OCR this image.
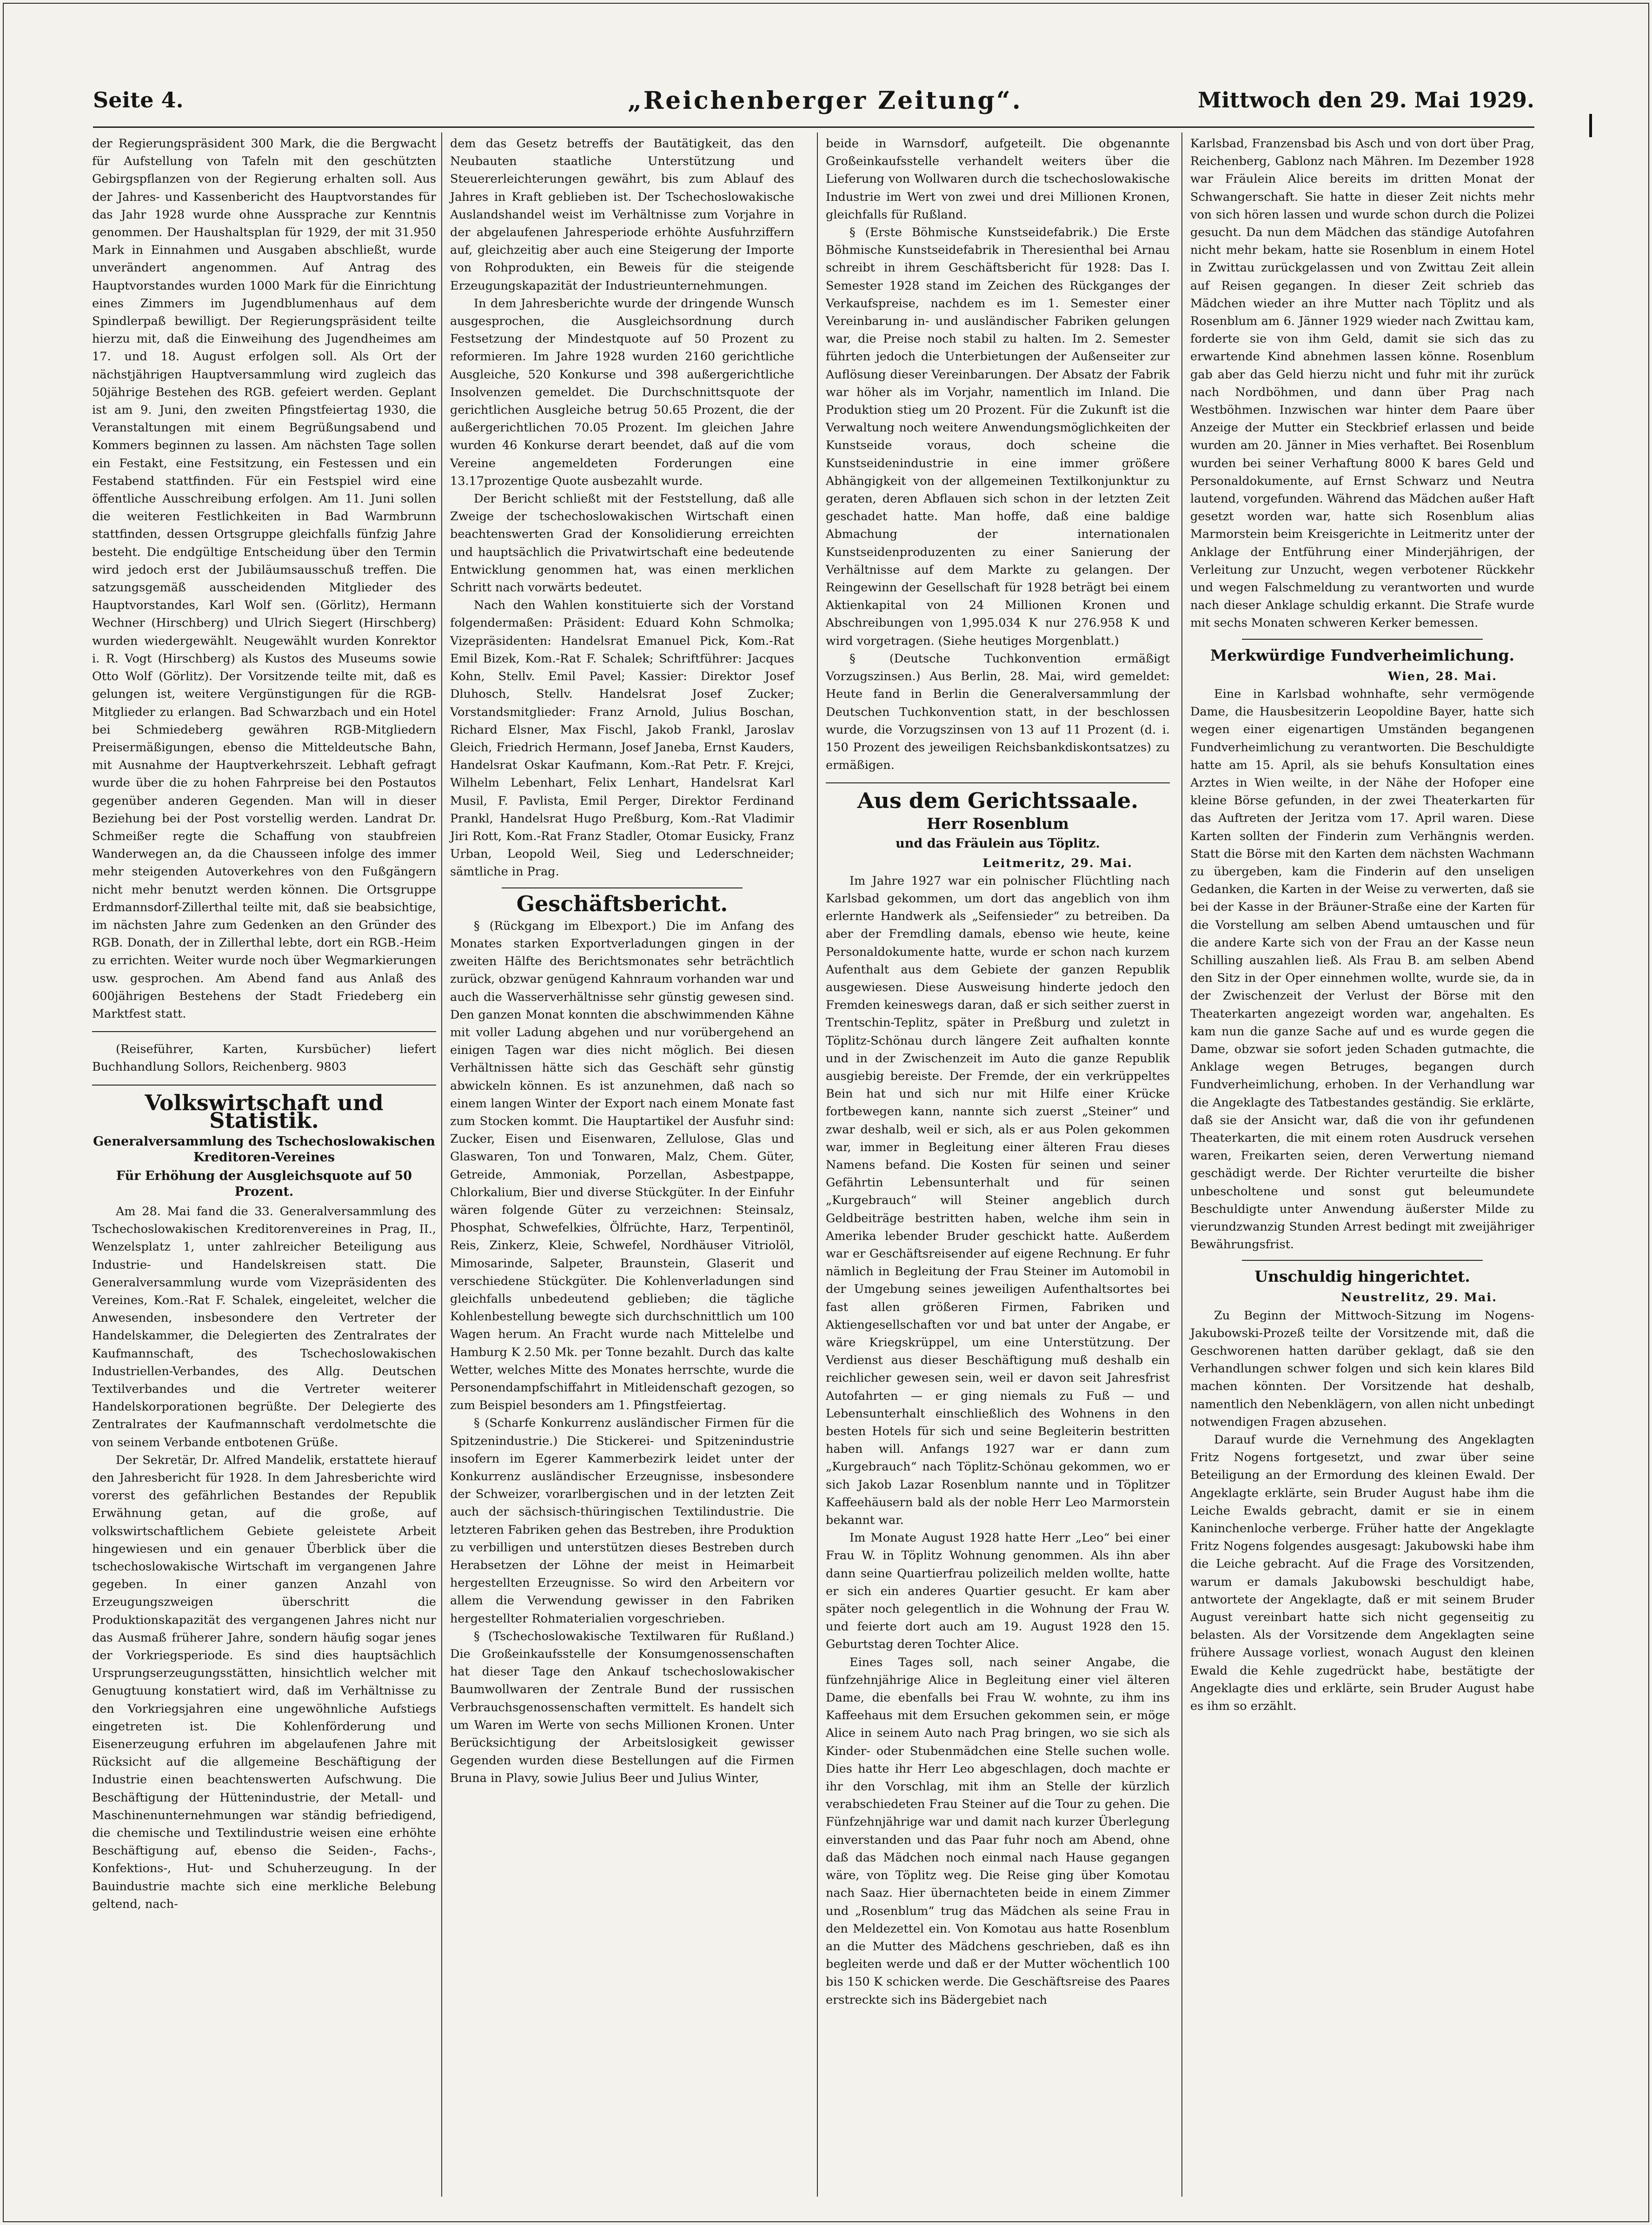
Seite 4.	„Reichenberger Zeitung“.	Mittwoch den 29. Mai 1929.

der Regierungspräsident 300 Mark, die die Bergwacht für Aufstellung von Tafeln mit den geschützten Gebirgspflanzen von der Regierung erhalten soll. Aus der Jahres- und Kassenbericht des Hauptvorstandes für das Jahr 1928 wurde ohne Aussprache zur Kenntnis genommen. Der Haushaltsplan für 1929, der mit 31.950 Mark in Einnahmen und Ausgaben abschließt, wurde unverändert angenommen. Auf Antrag des Hauptvorstandes wurden 1000 Mark für die Einrichtung eines Zimmers im Jugendblumenhaus auf dem Spindlerpaß bewilligt. Der Regierungspräsident teilte hierzu mit, daß die Einweihung des Jugendheimes am 17. und 18. August erfolgen soll. Als Ort der nächstjährigen Hauptversammlung wird zugleich das 50jährige Bestehen des RGB. gefeiert werden. Geplant ist am 9. Juni, den zweiten Pfingstfeiertag 1930, die Veranstaltungen mit einem Begrüßungsabend und Kommers beginnen zu lassen. Am nächsten Tage sollen ein Festakt, eine Festsitzung, ein Festessen und ein Festabend stattfinden. Für ein Festspiel wird eine öffentliche Ausschreibung erfolgen. Am 11. Juni sollen die weiteren Festlichkeiten in Bad Warmbrunn stattfinden, dessen Ortsgruppe gleichfalls fünfzig Jahre besteht. Die endgültige Entscheidung über den Termin wird jedoch erst der Jubiläumsausschuß treffen. Die satzungsgemäß ausscheidenden Mitglieder des Hauptvorstandes, Karl Wolf sen. (Görlitz), Hermann Wechner (Hirschberg) und Ulrich Siegert (Hirschberg) wurden wiedergewählt. Neugewählt wurden Konrektor i. R. Vogt (Hirschberg) als Kustos des Museums sowie Otto Wolf (Görlitz). Der Vorsitzende teilte mit, daß es gelungen ist, weitere Vergünstigungen für die RGB-Mitglieder zu erlangen. Bad Schwarzbach und ein Hotel bei Schmiedeberg gewähren RGB-Mitgliedern Preisermäßigungen, ebenso die Mitteldeutsche Bahn, mit Ausnahme der Hauptverkehrszeit. Lebhaft gefragt wurde über die zu hohen Fahrpreise bei den Postautos gegenüber anderen Gegenden. Man will in dieser Beziehung bei der Post vorstellig werden. Landrat Dr. Schmeißer regte die Schaffung von staubfreien Wanderwegen an, da die Chausseen infolge des immer mehr steigenden Autoverkehres von den Fußgängern nicht mehr benutzt werden können. Die Ortsgruppe Erdmannsdorf-Zillerthal teilte mit, daß sie beabsichtige, im nächsten Jahre zum Gedenken an den Gründer des RGB. Donath, der in Zillerthal lebte, dort ein RGB.-Heim zu errichten. Weiter wurde noch über Wegmarkierungen usw. gesprochen. Am Abend fand aus Anlaß des 600jährigen Bestehens der Stadt Friedeberg ein Marktfest statt.

(Reiseführer, Karten, Kursbücher) liefert Buchhandlung Sollors, Reichenberg. 9803

Volkswirtschaft und Statistik.
Generalversammlung des Tschechoslowakischen Kreditoren-Vereines
Für Erhöhung der Ausgleichsquote auf 50 Prozent.

Am 28. Mai fand die 33. Generalversammlung des Tschechoslowakischen Kreditorenvereines in Prag, II., Wenzelsplatz 1, unter zahlreicher Beteiligung aus Industrie- und Handelskreisen statt. Die Generalversammlung wurde vom Vizepräsidenten des Vereines, Kom.-Rat F. Schalek, eingeleitet, welcher die Anwesenden, insbesondere den Vertreter der Handelskammer, die Delegierten des Zentralrates der Kaufmannschaft, des Tschechoslowakischen Industriellen-Verbandes, des Allg. Deutschen Textilverbandes und die Vertreter weiterer Handelskorporationen begrüßte. Der Delegierte des Zentralrates der Kaufmannschaft verdolmetschte die von seinem Verbande entbotenen Grüße.

Der Sekretär, Dr. Alfred Mandelik, erstattete hierauf den Jahresbericht für 1928. In dem Jahresberichte wird vorerst des gefährlichen Bestandes der Republik Erwähnung getan, auf die große, auf volkswirtschaftlichem Gebiete geleistete Arbeit hingewiesen und ein genauer Überblick über die tschechoslowakische Wirtschaft im vergangenen Jahre gegeben. In einer ganzen Anzahl von Erzeugungszweigen überschritt die Produktionskapazität des vergangenen Jahres nicht nur das Ausmaß früherer Jahre, sondern häufig sogar jenes der Vorkriegsperiode. Es sind dies hauptsächlich Ursprungserzeugungsstätten, hinsichtlich welcher mit Genugtuung konstatiert wird, daß im Verhältnisse zu den Vorkriegsjahren eine ungewöhnliche Aufstiegs eingetreten ist. Die Kohlenförderung und Eisenerzeugung erfuhren im abgelaufenen Jahre mit Rücksicht auf die allgemeine Beschäftigung der Industrie einen beachtenswerten Aufschwung. Die Beschäftigung der Hüttenindustrie, der Metall- und Maschinenunternehmungen war ständig befriedigend, die chemische und Textilindustrie weisen eine erhöhte Beschäftigung auf, ebenso die Seiden-, Fachs-, Konfektions-, Hut- und Schuherzeugung. In der Bauindustrie machte sich eine merkliche Belebung geltend, nach-

dem das Gesetz betreffs der Bautätigkeit, das den Neubauten staatliche Unterstützung und Steuererleichterungen gewährt, bis zum Ablauf des Jahres in Kraft geblieben ist. Der Tschechoslowakische Auslandshandel weist im Verhältnisse zum Vorjahre in der abgelaufenen Jahresperiode erhöhte Ausfuhrziffern auf, gleichzeitig aber auch eine Steigerung der Importe von Rohprodukten, ein Beweis für die steigende Erzeugungskapazität der Industrieunternehmungen.

In dem Jahresberichte wurde der dringende Wunsch ausgesprochen, die Ausgleichsordnung durch Festsetzung der Mindestquote auf 50 Prozent zu reformieren. Im Jahre 1928 wurden 2160 gerichtliche Ausgleiche, 520 Konkurse und 398 außergerichtliche Insolvenzen gemeldet. Die Durchschnittsquote der gerichtlichen Ausgleiche betrug 50.65 Prozent, die der außergerichtlichen 70.05 Prozent. Im gleichen Jahre wurden 46 Konkurse derart beendet, daß auf die vom Vereine angemeldeten Forderungen eine 13.17prozentige Quote ausbezahlt wurde.

Der Bericht schließt mit der Feststellung, daß alle Zweige der tschechoslowakischen Wirtschaft einen beachtenswerten Grad der Konsolidierung erreichten und hauptsächlich die Privatwirtschaft eine bedeutende Entwicklung genommen hat, was einen merklichen Schritt nach vorwärts bedeutet.

Nach den Wahlen konstituierte sich der Vorstand folgendermaßen: Präsident: Eduard Kohn Schmolka; Vizepräsidenten: Handelsrat Emanuel Pick, Kom.-Rat Emil Bizek, Kom.-Rat F. Schalek; Schriftführer: Jacques Kohn, Stellv. Emil Pavel; Kassier: Direktor Josef Dluhosch, Stellv. Handelsrat Josef Zucker; Vorstandsmitglieder: Franz Arnold, Julius Boschan, Richard Elsner, Max Fischl, Jakob Frankl, Jaroslav Gleich, Friedrich Hermann, Josef Janeba, Ernst Kauders, Handelsrat Oskar Kaufmann, Kom.-Rat Petr. F. Krejci, Wilhelm Lebenhart, Felix Lenhart, Handelsrat Karl Musil, F. Pavlista, Emil Perger, Direktor Ferdinand Prankl, Handelsrat Hugo Preßburg, Kom.-Rat Vladimir Jiri Rott, Kom.-Rat Franz Stadler, Otomar Eusicky, Franz Urban, Leopold Weil, Sieg und Lederschneider; sämtliche in Prag.

Geschäftsbericht.

§ (Rückgang im Elbexport.) Die im Anfang des Monates starken Exportverladungen gingen in der zweiten Hälfte des Berichtsmonates sehr beträchtlich zurück, obzwar genügend Kahnraum vorhanden war und auch die Wasserverhältnisse sehr günstig gewesen sind. Den ganzen Monat konnten die abschwimmenden Kähne mit voller Ladung abgehen und nur vorübergehend an einigen Tagen war dies nicht möglich. Bei diesen Verhältnissen hätte sich das Geschäft sehr günstig abwickeln können. Es ist anzunehmen, daß nach so einem langen Winter der Export nach einem Monate fast zum Stocken kommt. Die Hauptartikel der Ausfuhr sind: Zucker, Eisen und Eisenwaren, Zellulose, Glas und Glaswaren, Ton und Tonwaren, Malz, Chem. Güter, Getreide, Ammoniak, Porzellan, Asbestpappe, Chlorkalium, Bier und diverse Stückgüter. In der Einfuhr wären folgende Güter zu verzeichnen: Steinsalz, Phosphat, Schwefelkies, Ölfrüchte, Harz, Terpentinöl, Reis, Zinkerz, Kleie, Schwefel, Nordhäuser Vitriolöl, Mimosarinde, Salpeter, Braunstein, Glaserit und verschiedene Stückgüter. Die Kohlenverladungen sind gleichfalls unbedeutend geblieben; die tägliche Kohlenbestellung bewegte sich durchschnittlich um 100 Wagen herum. An Fracht wurde nach Mittelelbe und Hamburg K 2.50 Mk. per Tonne bezahlt. Durch das kalte Wetter, welches Mitte des Monates herrschte, wurde die Personendampfschiffahrt in Mitleidenschaft gezogen, so zum Beispiel besonders am 1. Pfingstfeiertag.

§ (Scharfe Konkurrenz ausländischer Firmen für die Spitzenindustrie.) Die Stickerei- und Spitzenindustrie insofern im Egerer Kammerbezirk leidet unter der Konkurrenz ausländischer Erzeugnisse, insbesondere der Schweizer, vorarlbergischen und in der letzten Zeit auch der sächsisch-thüringischen Textilindustrie. Die letzteren Fabriken gehen das Bestreben, ihre Produktion zu verbilligen und unterstützen dieses Bestreben durch Herabsetzen der Löhne der meist in Heimarbeit hergestellten Erzeugnisse. So wird den Arbeitern vor allem die Verwendung gewisser in den Fabriken hergestellter Rohmaterialien vorgeschrieben.

§ (Tschechoslowakische Textilwaren für Rußland.) Die Großeinkaufsstelle der Konsumgenossenschaften hat dieser Tage den Ankauf tschechoslowakischer Baumwollwaren der Zentrale Bund der russischen Verbrauchsgenossenschaften vermittelt. Es handelt sich um Waren im Werte von sechs Millionen Kronen. Unter Berücksichtigung der Arbeitslosigkeit gewisser Gegenden wurden diese Bestellungen auf die Firmen Bruna in Plavy, sowie Julius Beer und Julius Winter,

beide in Warnsdorf, aufgeteilt. Die obgenannte Großeinkaufsstelle verhandelt weiters über die Lieferung von Wollwaren durch die tschechoslowakische Industrie im Wert von zwei und drei Millionen Kronen, gleichfalls für Rußland.

§ (Erste Böhmische Kunstseidefabrik.) Die Erste Böhmische Kunstseidefabrik in Theresienthal bei Arnau schreibt in ihrem Geschäftsbericht für 1928: Das I. Semester 1928 stand im Zeichen des Rückganges der Verkaufspreise, nachdem es im 1. Semester einer Vereinbarung in- und ausländischer Fabriken gelungen war, die Preise noch stabil zu halten. Im 2. Semester führten jedoch die Unterbietungen der Außenseiter zur Auflösung dieser Vereinbarungen. Der Absatz der Fabrik war höher als im Vorjahr, namentlich im Inland. Die Produktion stieg um 20 Prozent. Für die Zukunft ist die Verwaltung noch weitere Anwendungsmöglichkeiten der Kunstseide voraus, doch scheine die Kunstseidenindustrie in eine immer größere Abhängigkeit von der allgemeinen Textilkonjunktur zu geraten, deren Abflauen sich schon in der letzten Zeit geschadet hatte. Man hoffe, daß eine baldige Abmachung der internationalen Kunstseidenproduzenten zu einer Sanierung der Verhältnisse auf dem Markte zu gelangen. Der Reingewinn der Gesellschaft für 1928 beträgt bei einem Aktienkapital von 24 Millionen Kronen und Abschreibungen von 1,995.034 K nur 276.958 K und wird vorgetragen. (Siehe heutiges Morgenblatt.)

§ (Deutsche Tuchkonvention ermäßigt Vorzugszinsen.) Aus Berlin, 28. Mai, wird gemeldet: Heute fand in Berlin die Generalversammlung der Deutschen Tuchkonvention statt, in der beschlossen wurde, die Vorzugszinsen von 13 auf 11 Prozent (d. i. 150 Prozent des jeweiligen Reichsbankdiskontsatzes) zu ermäßigen.

Aus dem Gerichtssaale.
Herr Rosenblum
und das Fräulein aus Töplitz.
Leitmeritz, 29. Mai.

Im Jahre 1927 war ein polnischer Flüchtling nach Karlsbad gekommen, um dort das angeblich von ihm erlernte Handwerk als „Seifensieder“ zu betreiben. Da aber der Fremdling damals, ebenso wie heute, keine Personaldokumente hatte, wurde er schon nach kurzem Aufenthalt aus dem Gebiete der ganzen Republik ausgewiesen. Diese Ausweisung hinderte jedoch den Fremden keineswegs daran, daß er sich seither zuerst in Trentschin-Teplitz, später in Preßburg und zuletzt in Töplitz-Schönau durch längere Zeit aufhalten konnte und in der Zwischenzeit im Auto die ganze Republik ausgiebig bereiste. Der Fremde, der ein verkrüppeltes Bein hat und sich nur mit Hilfe einer Krücke fortbewegen kann, nannte sich zuerst „Steiner“ und zwar deshalb, weil er sich, als er aus Polen gekommen war, immer in Begleitung einer älteren Frau dieses Namens befand. Die Kosten für seinen und seiner Gefährtin Lebensunterhalt und für seinen „Kurgebrauch“ will Steiner angeblich durch Geldbeiträge bestritten haben, welche ihm sein in Amerika lebender Bruder geschickt hatte. Außerdem war er Geschäftsreisender auf eigene Rechnung. Er fuhr nämlich in Begleitung der Frau Steiner im Automobil in der Umgebung seines jeweiligen Aufenthaltsortes bei fast allen größeren Firmen, Fabriken und Aktiengesellschaften vor und bat unter der Angabe, er wäre Kriegskrüppel, um eine Unterstützung. Der Verdienst aus dieser Beschäftigung muß deshalb ein reichlicher gewesen sein, weil er davon seit Jahresfrist Autofahrten — er ging niemals zu Fuß — und Lebensunterhalt einschließlich des Wohnens in den besten Hotels für sich und seine Begleiterin bestritten haben will. Anfangs 1927 war er dann zum „Kurgebrauch“ nach Töplitz-Schönau gekommen, wo er sich Jakob Lazar Rosenblum nannte und in Töplitzer Kaffeehäusern bald als der noble Herr Leo Marmorstein bekannt war.

Im Monate August 1928 hatte Herr „Leo“ bei einer Frau W. in Töplitz Wohnung genommen. Als ihn aber dann seine Quartierfrau polizeilich melden wollte, hatte er sich ein anderes Quartier gesucht. Er kam aber später noch gelegentlich in die Wohnung der Frau W. und feierte dort auch am 19. August 1928 den 15. Geburtstag deren Tochter Alice.

Eines Tages soll, nach seiner Angabe, die fünfzehnjährige Alice in Begleitung einer viel älteren Dame, die ebenfalls bei Frau W. wohnte, zu ihm ins Kaffeehaus mit dem Ersuchen gekommen sein, er möge Alice in seinem Auto nach Prag bringen, wo sie sich als Kinder- oder Stubenmädchen eine Stelle suchen wolle. Dies hatte ihr Herr Leo abgeschlagen, doch machte er ihr den Vorschlag, mit ihm an Stelle der kürzlich verabschiedeten Frau Steiner auf die Tour zu gehen. Die Fünfzehnjährige war und damit nach kurzer Überlegung einverstanden und das Paar fuhr noch am Abend, ohne daß das Mädchen noch einmal nach Hause gegangen wäre, von Töplitz weg. Die Reise ging über Komotau nach Saaz. Hier übernachteten beide in einem Zimmer und „Rosenblum“ trug das Mädchen als seine Frau in den Meldezettel ein. Von Komotau aus hatte Rosenblum an die Mutter des Mädchens geschrieben, daß es ihn begleiten werde und daß er der Mutter wöchentlich 100 bis 150 K schicken werde. Die Geschäftsreise des Paares erstreckte sich ins Bädergebiet nach

Karlsbad, Franzensbad bis Asch und von dort über Prag, Reichenberg, Gablonz nach Mähren. Im Dezember 1928 war Fräulein Alice bereits im dritten Monat der Schwangerschaft. Sie hatte in dieser Zeit nichts mehr von sich hören lassen und wurde schon durch die Polizei gesucht. Da nun dem Mädchen das ständige Autofahren nicht mehr bekam, hatte sie Rosenblum in einem Hotel in Zwittau zurückgelassen und von Zwittau Zeit allein auf Reisen gegangen. In dieser Zeit schrieb das Mädchen wieder an ihre Mutter nach Töplitz und als Rosenblum am 6. Jänner 1929 wieder nach Zwittau kam, forderte sie von ihm Geld, damit sie sich das zu erwartende Kind abnehmen lassen könne. Rosenblum gab aber das Geld hierzu nicht und fuhr mit ihr zurück nach Nordböhmen, und dann über Prag nach Westböhmen. Inzwischen war hinter dem Paare über Anzeige der Mutter ein Steckbrief erlassen und beide wurden am 20. Jänner in Mies verhaftet. Bei Rosenblum wurden bei seiner Verhaftung 8000 K bares Geld und Personaldokumente, auf Ernst Schwarz und Neutra lautend, vorgefunden. Während das Mädchen außer Haft gesetzt worden war, hatte sich Rosenblum alias Marmorstein beim Kreisgerichte in Leitmeritz unter der Anklage der Entführung einer Minderjährigen, der Verleitung zur Unzucht, wegen verbotener Rückkehr und wegen Falschmeldung zu verantworten und wurde nach dieser Anklage schuldig erkannt. Die Strafe wurde mit sechs Monaten schweren Kerker bemessen.

Merkwürdige Fundverheimlichung.
Wien, 28. Mai.

Eine in Karlsbad wohnhafte, sehr vermögende Dame, die Hausbesitzerin Leopoldine Bayer, hatte sich wegen einer eigenartigen Umständen begangenen Fundverheimlichung zu verantworten. Die Beschuldigte hatte am 15. April, als sie behufs Konsultation eines Arztes in Wien weilte, in der Nähe der Hofoper eine kleine Börse gefunden, in der zwei Theaterkarten für das Auftreten der Jeritza vom 17. April waren. Diese Karten sollten der Finderin zum Verhängnis werden. Statt die Börse mit den Karten dem nächsten Wachmann zu übergeben, kam die Finderin auf den unseligen Gedanken, die Karten in der Weise zu verwerten, daß sie bei der Kasse in der Bräuner-Straße eine der Karten für die Vorstellung am selben Abend umtauschen und für die andere Karte sich von der Frau an der Kasse neun Schilling auszahlen ließ. Als Frau B. am selben Abend den Sitz in der Oper einnehmen wollte, wurde sie, da in der Zwischenzeit der Verlust der Börse mit den Theaterkarten angezeigt worden war, angehalten. Es kam nun die ganze Sache auf und es wurde gegen die Dame, obzwar sie sofort jeden Schaden gutmachte, die Anklage wegen Betruges, begangen durch Fundverheimlichung, erhoben. In der Verhandlung war die Angeklagte des Tatbestandes geständig. Sie erklärte, daß sie der Ansicht war, daß die von ihr gefundenen Theaterkarten, die mit einem roten Ausdruck versehen waren, Freikarten seien, deren Verwertung niemand geschädigt werde. Der Richter verurteilte die bisher unbescholtene und sonst gut beleumundete Beschuldigte unter Anwendung äußerster Milde zu vierundzwanzig Stunden Arrest bedingt mit zweijähriger Bewährungsfrist.

Unschuldig hingerichtet.
Neustrelitz, 29. Mai.

Zu Beginn der Mittwoch-Sitzung im Nogens-Jakubowski-Prozeß teilte der Vorsitzende mit, daß die Geschworenen hatten darüber geklagt, daß sie den Verhandlungen schwer folgen und sich kein klares Bild machen könnten. Der Vorsitzende hat deshalb, namentlich den Nebenklägern, von allen nicht unbedingt notwendigen Fragen abzusehen.

Darauf wurde die Vernehmung des Angeklagten Fritz Nogens fortgesetzt, und zwar über seine Beteiligung an der Ermordung des kleinen Ewald. Der Angeklagte erklärte, sein Bruder August habe ihm die Leiche Ewalds gebracht, damit er sie in einem Kaninchenloche verberge. Früher hatte der Angeklagte Fritz Nogens folgendes ausgesagt: Jakubowski habe ihm die Leiche gebracht. Auf die Frage des Vorsitzenden, warum er damals Jakubowski beschuldigt habe, antwortete der Angeklagte, daß er mit seinem Bruder August vereinbart hatte sich nicht gegenseitig zu belasten. Als der Vorsitzende dem Angeklagten seine frühere Aussage vorliest, wonach August den kleinen Ewald die Kehle zugedrückt habe, bestätigte der Angeklagte dies und erklärte, sein Bruder August habe es ihm so erzählt.
